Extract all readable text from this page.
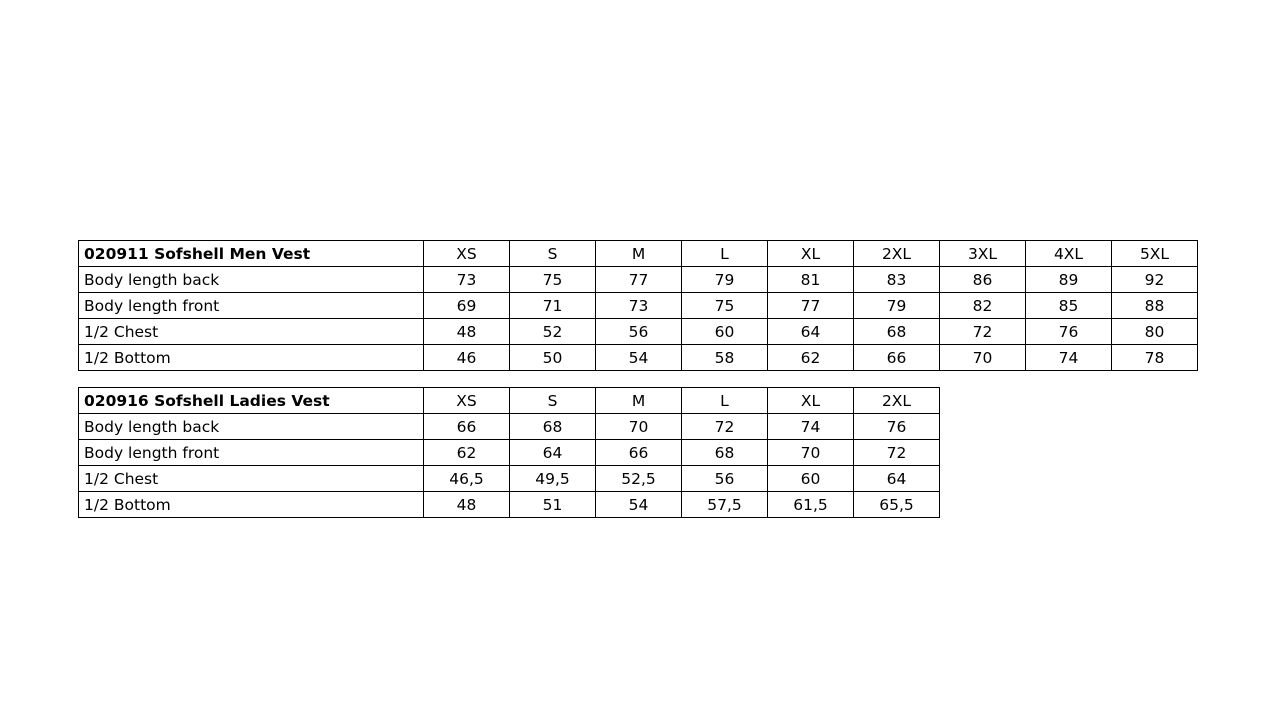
020911 Sofshell Men Vest	XS	S	M	L	XL	2XL	3XL	4XL	5XL
Body length back	73	75	77	79	81	83	86	89	92
Body length front	69	71	73	75	77	79	82	85	88
1/2 Chest	48	52	56	60	64	68	72	76	80
1/2 Bottom	46	50	54	58	62	66	70	74	78
020916 Sofshell Ladies Vest	XS	S	M	L	XL	2XL
Body length back	66	68	70	72	74	76
Body length front	62	64	66	68	70	72
1/2 Chest	46,5	49,5	52,5	56	60	64
1/2 Bottom	48	51	54	57,5	61,5	65,5
